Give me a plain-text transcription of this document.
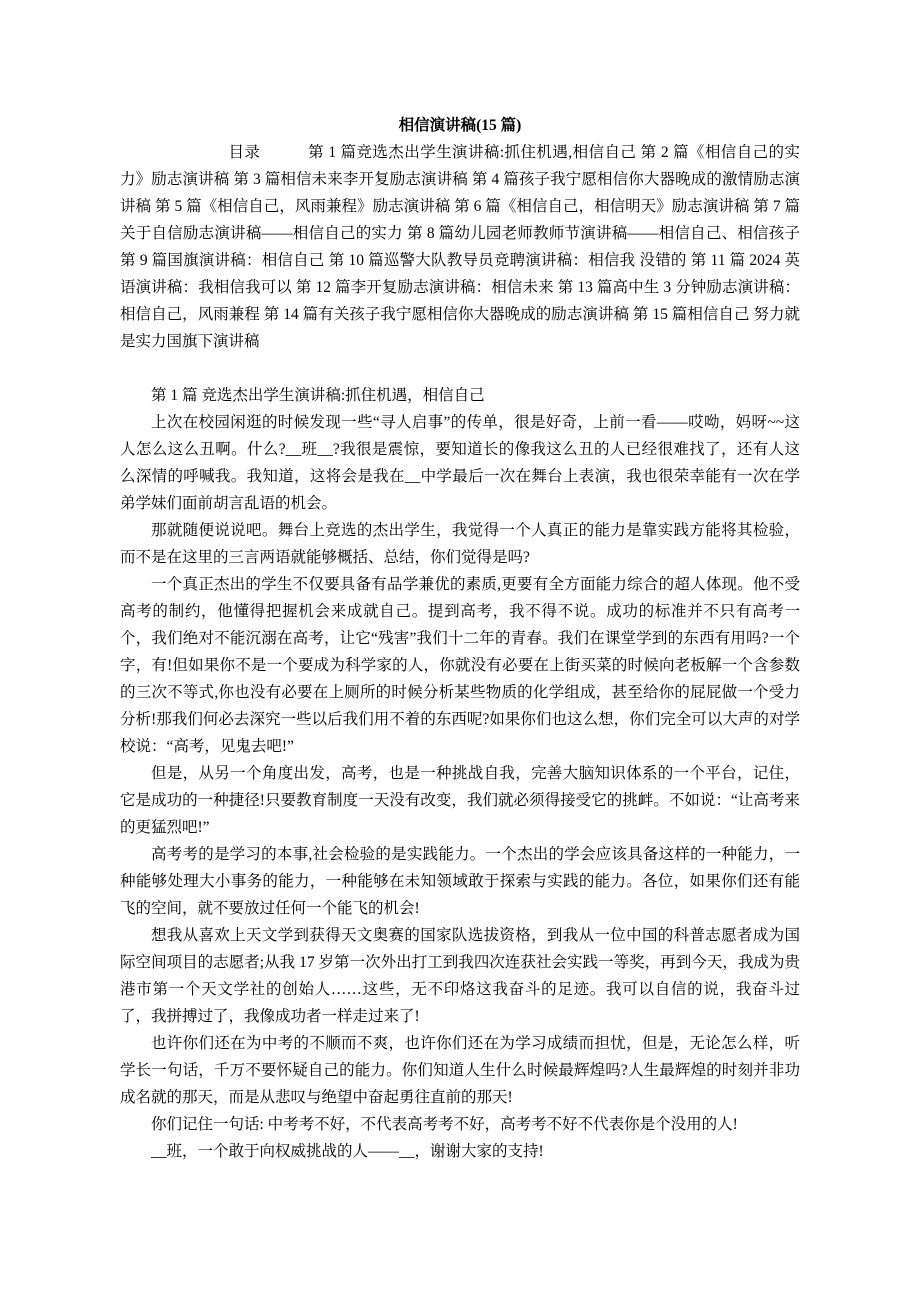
相信演讲稿(15 篇)

目录　　　第 1 篇竞选杰出学生演讲稿:抓住机遇,相信自己 第 2 篇《相信自己的实力》励志演讲稿 第 3 篇相信未来李开复励志演讲稿 第 4 篇孩子我宁愿相信你大器晚成的激情励志演讲稿 第 5 篇《相信自己，风雨兼程》励志演讲稿 第 6 篇《相信自己，相信明天》励志演讲稿 第 7 篇关于自信励志演讲稿——相信自己的实力 第 8 篇幼儿园老师教师节演讲稿——相信自己、相信孩子 第 9 篇国旗演讲稿：相信自己 第 10 篇巡警大队教导员竞聘演讲稿：相信我 没错的 第 11 篇 2024 英语演讲稿：我相信我可以 第 12 篇李开复励志演讲稿：相信未来 第 13 篇高中生 3 分钟励志演讲稿：相信自己，风雨兼程 第 14 篇有关孩子我宁愿相信你大器晚成的励志演讲稿 第 15 篇相信自己 努力就是实力国旗下演讲稿

第 1 篇 竞选杰出学生演讲稿:抓住机遇，相信自己

上次在校园闲逛的时候发现一些“寻人启事”的传单，很是好奇，上前一看——哎呦，妈呀~~这人怎么这么丑啊。什么?__班__?我很是震惊，要知道长的像我这么丑的人已经很难找了，还有人这么深情的呼喊我。我知道，这将会是我在__中学最后一次在舞台上表演，我也很荣幸能有一次在学弟学妹们面前胡言乱语的机会。

那就随便说说吧。舞台上竞选的杰出学生，我觉得一个人真正的能力是靠实践方能将其检验，而不是在这里的三言两语就能够概括、总结，你们觉得是吗?

一个真正杰出的学生不仅要具备有品学兼优的素质,更要有全方面能力综合的超人体现。他不受高考的制约，他懂得把握机会来成就自己。提到高考，我不得不说。成功的标准并不只有高考一个，我们绝对不能沉溺在高考，让它“残害”我们十二年的青春。我们在课堂学到的东西有用吗?一个字，有!但如果你不是一个要成为科学家的人，你就没有必要在上街买菜的时候向老板解一个含参数的三次不等式,你也没有必要在上厕所的时候分析某些物质的化学组成，甚至给你的屁屁做一个受力分析!那我们何必去深究一些以后我们用不着的东西呢?如果你们也这么想，你们完全可以大声的对学校说：“高考，见鬼去吧!”

但是，从另一个角度出发，高考，也是一种挑战自我，完善大脑知识体系的一个平台，记住，它是成功的一种捷径!只要教育制度一天没有改变，我们就必须得接受它的挑衅。不如说：“让高考来的更猛烈吧!”

高考考的是学习的本事,社会检验的是实践能力。一个杰出的学会应该具备这样的一种能力，一种能够处理大小事务的能力，一种能够在未知领域敢于探索与实践的能力。各位，如果你们还有能飞的空间，就不要放过任何一个能飞的机会!

想我从喜欢上天文学到获得天文奥赛的国家队选拔资格，到我从一位中国的科普志愿者成为国际空间项目的志愿者;从我 17 岁第一次外出打工到我四次连获社会实践一等奖，再到今天，我成为贵港市第一个天文学社的创始人……这些，无不印烙这我奋斗的足迹。我可以自信的说，我奋斗过了，我拼搏过了，我像成功者一样走过来了!

也许你们还在为中考的不顺而不爽，也许你们还在为学习成绩而担忧，但是，无论怎么样，听学长一句话，千万不要怀疑自己的能力。你们知道人生什么时候最辉煌吗?人生最辉煌的时刻并非功成名就的那天，而是从悲叹与绝望中奋起勇往直前的那天!

你们记住一句话: 中考考不好，不代表高考考不好，高考考不好不代表你是个没用的人!

__班，一个敢于向权威挑战的人——__，谢谢大家的支持!
